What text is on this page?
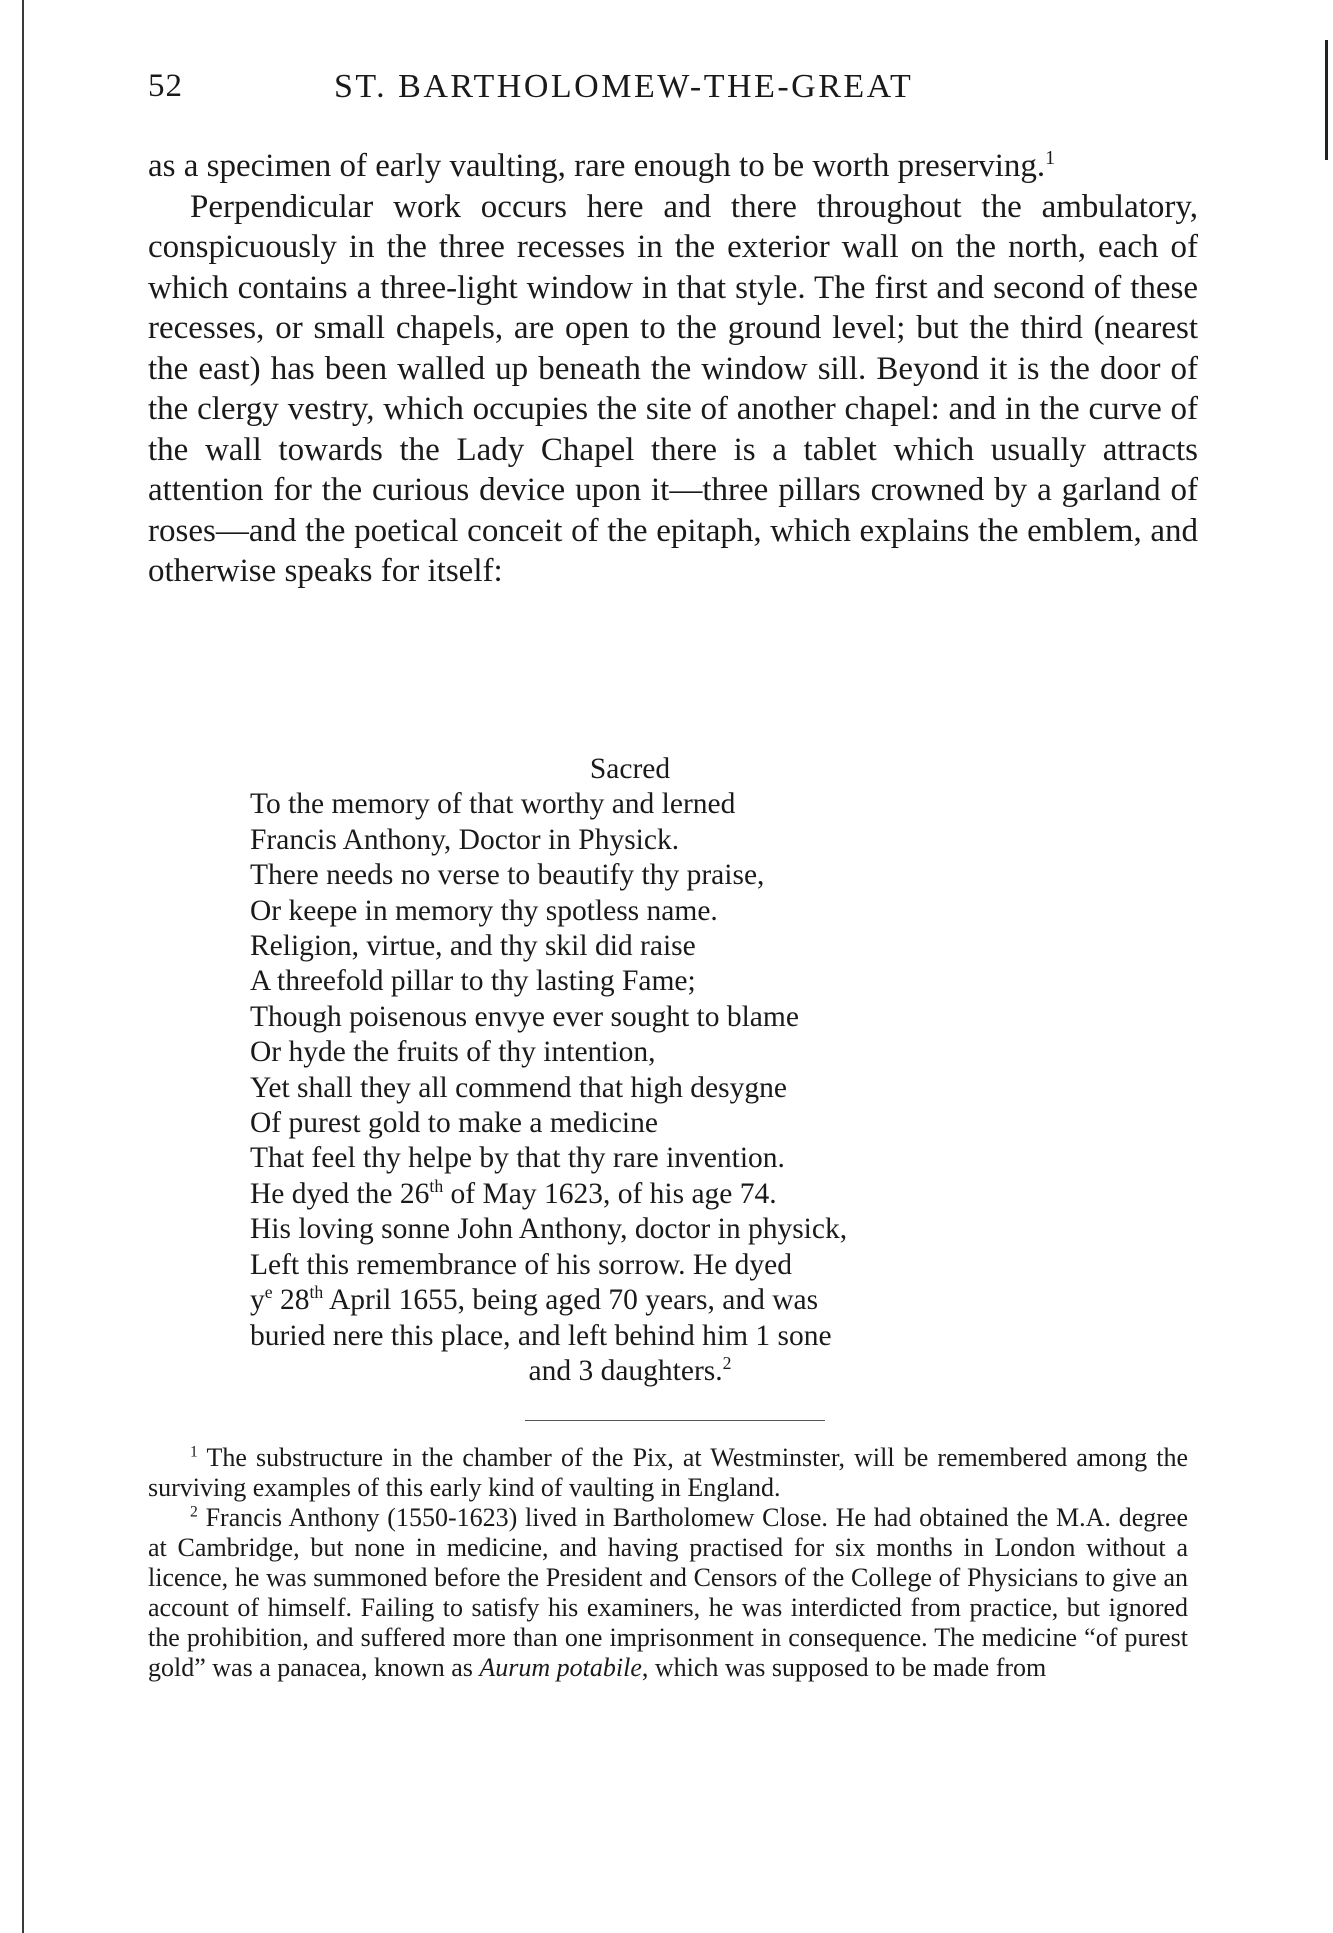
52	ST. BARTHOLOMEW-THE-GREAT

as a specimen of early vaulting, rare enough to be worth preserving.$^1$

Perpendicular work occurs here and there throughout the ambulatory, conspicuously in the three recesses in the exterior wall on the north, each of which contains a three-light window in that style. The first and second of these recesses, or small chapels, are open to the ground level; but the third (nearest the east) has been walled up beneath the window sill. Beyond it is the door of the clergy vestry, which occupies the site of another chapel: and in the curve of the wall towards the Lady Chapel there is a tablet which usually attracts attention for the curious device upon it—three pillars crowned by a garland of roses—and the poetical conceit of the epitaph, which explains the emblem, and otherwise speaks for itself:

Sacred
To the memory of that worthy and lerned
Francis Anthony, Doctor in Physick.
There needs no verse to beautify thy praise,
Or keepe in memory thy spotless name.
Religion, virtue, and thy skil did raise
A threefold pillar to thy lasting Fame;
Though poisenous envye ever sought to blame
Or hyde the fruits of thy intention,
Yet shall they all commend that high desygne
Of purest gold to make a medicine
That feel thy helpe by that thy rare invention.
He dyed the 26th of May 1623, of his age 74.
His loving sonne John Anthony, doctor in physick,
Left this remembrance of his sorrow. He dyed
$y^e$ 28th April 1655, being aged 70 years, and was
buried nere this place, and left behind him 1 sone
and 3 daughters.$^2$

$^1$ The substructure in the chamber of the Pix, at Westminster, will be remembered among the surviving examples of this early kind of vaulting in England.

$^2$ Francis Anthony (1550-1623) lived in Bartholomew Close. He had obtained the M.A. degree at Cambridge, but none in medicine, and having practised for six months in London without a licence, he was summoned before the President and Censors of the College of Physicians to give an account of himself. Failing to satisfy his examiners, he was interdicted from practice, but ignored the prohibition, and suffered more than one imprisonment in consequence. The medicine “of purest gold” was a panacea, known as Aurum potabile, which was supposed to be made from
